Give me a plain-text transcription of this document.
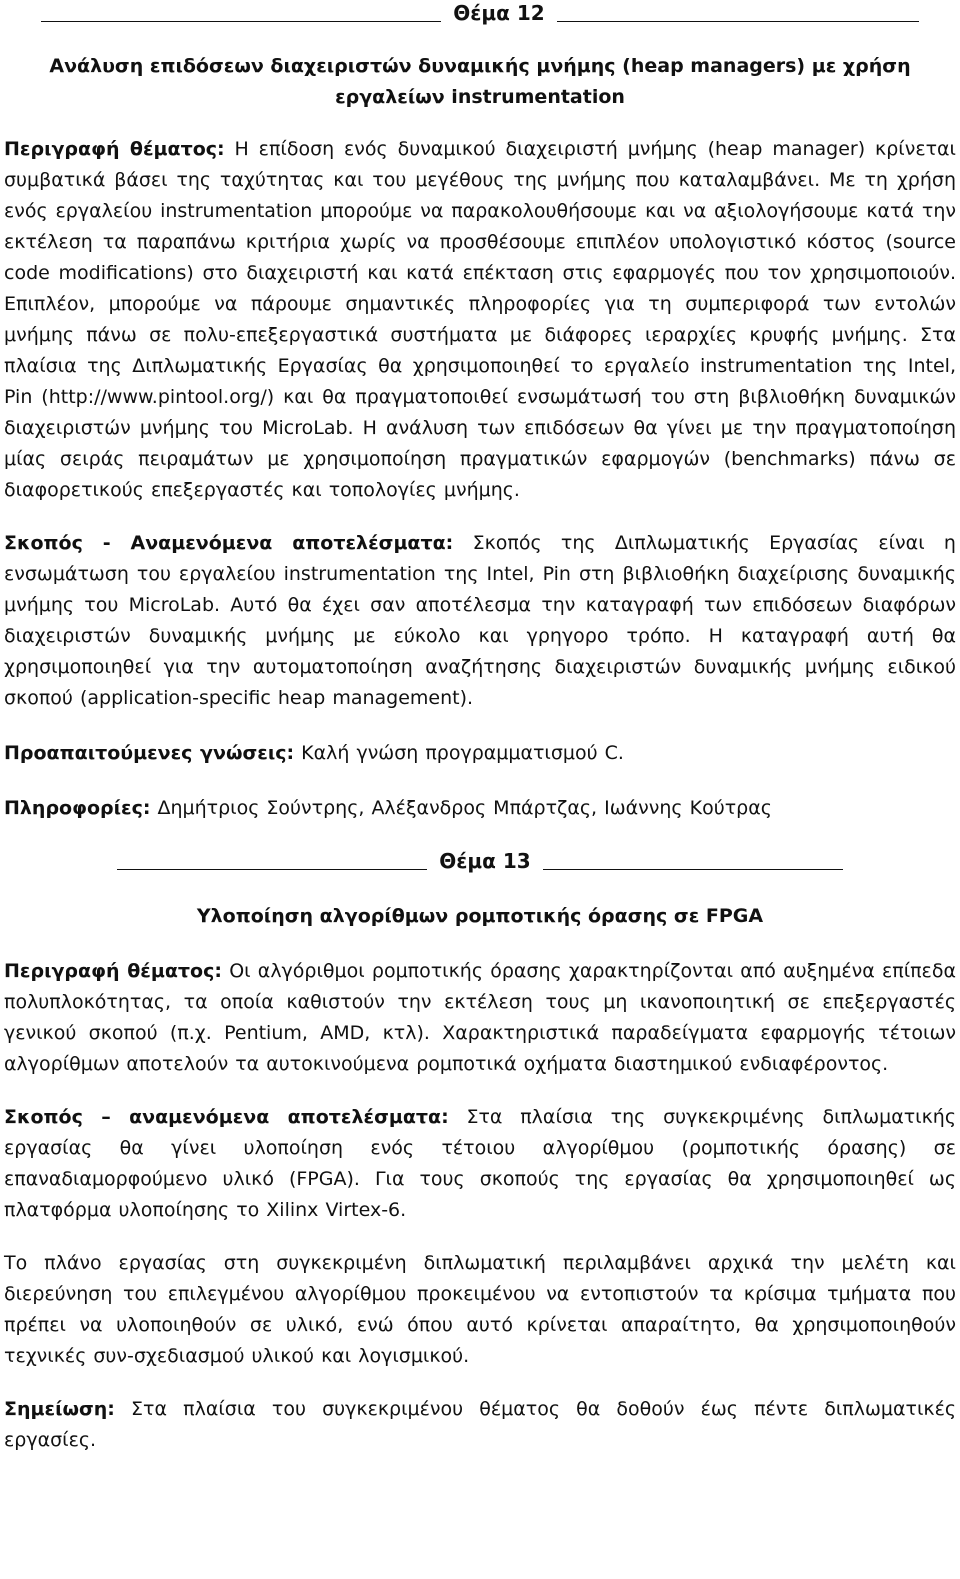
Θέμα 12
Ανάλυση επιδόσεων διαχειριστών δυναμικής μνήμης (heap managers) με χρήση
εργαλείων instrumentation

Περιγραφή θέματος: Η επίδοση ενός δυναμικού διαχειριστή μνήμης (heap manager) κρίνεται συμβατικά βάσει της ταχύτητας και του μεγέθους της μνήμης που καταλαμβάνει. Με τη χρήση ενός εργαλείου instrumentation μπορούμε να παρακολουθήσουμε και να αξιολογήσουμε κατά την εκτέλεση τα παραπάνω κριτήρια χωρίς να προσθέσουμε επιπλέον υπολογιστικό κόστος (source code modifications) στο διαχειριστή και κατά επέκταση στις εφαρμογές που τον χρησιμοποιούν. Επιπλέον, μπορούμε να πάρουμε σημαντικές πληροφορίες για τη συμπεριφορά των εντολών μνήμης πάνω σε πολυ-επεξεργαστικά συστήματα με διάφορες ιεραρχίες κρυφής μνήμης. Στα πλαίσια της Διπλωματικής Εργασίας θα χρησιμοποιηθεί το εργαλείο instrumentation της Intel, Pin (http://www.pintool.org/) και θα πραγματοποιθεί ενσωμάτωσή του στη βιβλιοθήκη δυναμικών διαχειριστών μνήμης του MicroLab. Η ανάλυση των επιδόσεων θα γίνει με την πραγματοποίηση μίας σειράς πειραμάτων με χρησιμοποίηση πραγματικών εφαρμογών (benchmarks) πάνω σε διαφορετικούς επεξεργαστές και τοπολογίες μνήμης.

Σκοπός - Αναμενόμενα αποτελέσματα: Σκοπός της Διπλωματικής Εργασίας είναι η ενσωμάτωση του εργαλείου instrumentation της Intel, Pin στη βιβλιοθήκη διαχείρισης δυναμικής μνήμης του MicroLab. Αυτό θα έχει σαν αποτέλεσμα την καταγραφή των επιδόσεων διαφόρων διαχειριστών δυναμικής μνήμης με εύκολο και γρηγορο τρόπο. Η καταγραφή αυτή θα χρησιμοποιηθεί για την αυτοματοποίηση αναζήτησης διαχειριστών δυναμικής μνήμης ειδικού σκοπού (application-specific heap management).

Προαπαιτούμενες γνώσεις: Καλή γνώση προγραμματισμού C.

Πληροφορίες: Δημήτριος Σούντρης, Αλέξανδρος Μπάρτζας, Ιωάννης Κούτρας

Θέμα 13
Υλοποίηση αλγορίθμων ρομποτικής όρασης σε FPGA

Περιγραφή θέματος: Οι αλγόριθμοι ρομποτικής όρασης χαρακτηρίζονται από αυξημένα επίπεδα πολυπλοκότητας, τα οποία καθιστούν την εκτέλεση τους μη ικανοποιητική σε επεξεργαστές γενικού σκοπού (π.χ. Pentium, AMD, κτλ). Χαρακτηριστικά παραδείγματα εφαρμογής τέτοιων αλγορίθμων αποτελούν τα αυτοκινούμενα ρομποτικά οχήματα διαστημικού ενδιαφέροντος.

Σκοπός – αναμενόμενα αποτελέσματα: Στα πλαίσια της συγκεκριμένης διπλωματικής εργασίας θα γίνει υλοποίηση ενός τέτοιου αλγορίθμου (ρομποτικής όρασης) σε επαναδιαμορφούμενο υλικό (FPGA). Για τους σκοπούς της εργασίας θα χρησιμοποιηθεί ως πλατφόρμα υλοποίησης το Xilinx Virtex-6.

Το πλάνο εργασίας στη συγκεκριμένη διπλωματική περιλαμβάνει αρχικά την μελέτη και διερεύνηση του επιλεγμένου αλγορίθμου προκειμένου να εντοπιστούν τα κρίσιμα τμήματα που πρέπει να υλοποιηθούν σε υλικό, ενώ όπου αυτό κρίνεται απαραίτητο, θα χρησιμοποιηθούν τεχνικές συν-σχεδιασμού υλικού και λογισμικού.

Σημείωση: Στα πλαίσια του συγκεκριμένου θέματος θα δοθούν έως πέντε διπλωματικές εργασίες.
